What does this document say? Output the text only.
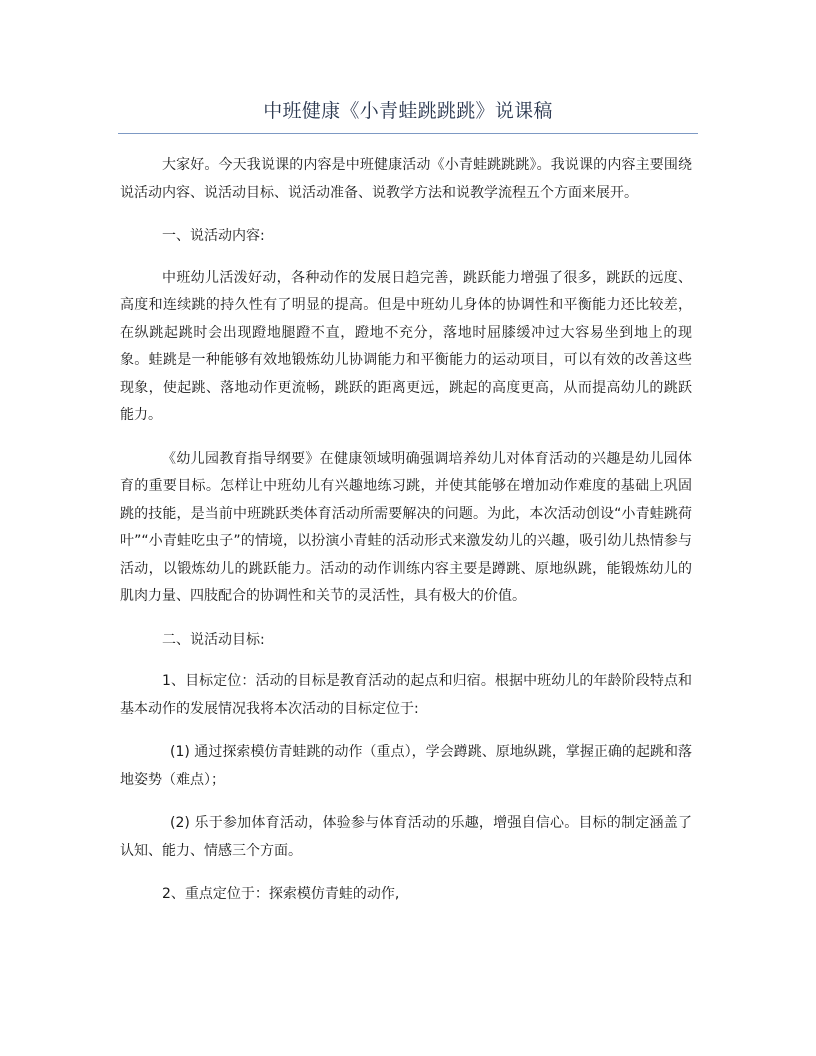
中班健康《小青蛙跳跳跳》说课稿

大家好。今天我说课的内容是中班健康活动《小青蛙跳跳跳》。我说课的内容主要围绕说活动内容、说活动目标、说活动准备、说教学方法和说教学流程五个方面来展开。

一、说活动内容:

中班幼儿活泼好动，各种动作的发展日趋完善，跳跃能力增强了很多，跳跃的远度、高度和连续跳的持久性有了明显的提高。但是中班幼儿身体的协调性和平衡能力还比较差，在纵跳起跳时会出现蹬地腿蹬不直，蹬地不充分，落地时屈膝缓冲过大容易坐到地上的现象。蛙跳是一种能够有效地锻炼幼儿协调能力和平衡能力的运动项目，可以有效的改善这些现象，使起跳、落地动作更流畅，跳跃的距离更远，跳起的高度更高，从而提高幼儿的跳跃能力。

《幼儿园教育指导纲要》在健康领域明确强调培养幼儿对体育活动的兴趣是幼儿园体育的重要目标。怎样让中班幼儿有兴趣地练习跳，并使其能够在增加动作难度的基础上巩固跳的技能，是当前中班跳跃类体育活动所需要解决的问题。为此，本次活动创设“小青蛙跳荷叶”“小青蛙吃虫子”的情境，以扮演小青蛙的活动形式来激发幼儿的兴趣，吸引幼儿热情参与活动，以锻炼幼儿的跳跃能力。活动的动作训练内容主要是蹲跳、原地纵跳，能锻炼幼儿的肌肉力量、四肢配合的协调性和关节的灵活性，具有极大的价值。

二、说活动目标:

1、目标定位：活动的目标是教育活动的起点和归宿。根据中班幼儿的年龄阶段特点和基本动作的发展情况我将本次活动的目标定位于:

(1) 通过探索模仿青蛙跳的动作（重点），学会蹲跳、原地纵跳，掌握正确的起跳和落地姿势（难点）；

(2) 乐于参加体育活动，体验参与体育活动的乐趣，增强自信心。目标的制定涵盖了认知、能力、情感三个方面。

2、重点定位于：探索模仿青蛙的动作,
